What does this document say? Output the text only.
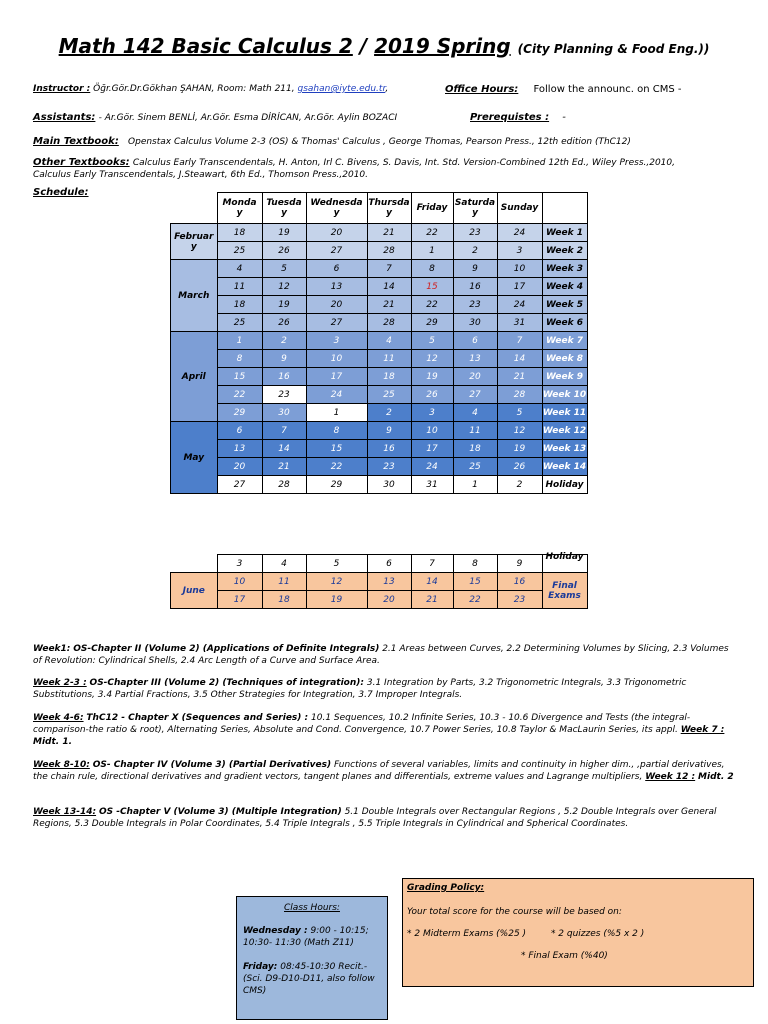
Math 142 Basic Calculus 2 / 2019 Spring (City Planning & Food Eng.))
Instructor : Öğr.Gör.Dr.Gökhan ŞAHAN, Room: Math 211, gsahan@iyte.edu.tr,	Office Hours: Follow the announc. on CMS -
Assistants: - Ar.Gör. Sinem BENLİ, Ar.Gör. Esma DİRİCAN, Ar.Gör. Aylin BOZACI	Prerequistes : -
Main Textbook: Openstax Calculus Volume 2-3 (OS) & Thomas' Calculus , George Thomas, Pearson Press., 12th edition (ThC12)
Other Textbooks: Calculus Early Transcendentals, H. Anton, Irl C. Bivens, S. Davis, Int. Std. Version-Combined 12th Ed., Wiley Press.,2010,
Calculus Early Transcendentals, J.Steawart, 6th Ed., Thomson Press.,2010.
Schedule:
	Monda
y	Tuesda
y	Wednesda
y	Thursda
y	Friday	Saturda
y	Sunday	
Februar
y	18	19	20	21	22	23	24	Week 1
	25	26	27	28	1	2	3	Week 2
March	4	5	6	7	8	9	10	Week 3
	11	12	13	14	15	16	17	Week 4
	18	19	20	21	22	23	24	Week 5
	25	26	27	28	29	30	31	Week 6
April	1	2	3	4	5	6	7	Week 7
	8	9	10	11	12	13	14	Week 8
	15	16	17	18	19	20	21	Week 9
	22	23	24	25	26	27	28	Week 10
	29	30	1	2	3	4	5	Week 11
May	6	7	8	9	10	11	12	Week 12
	13	14	15	16	17	18	19	Week 13
	20	21	22	23	24	25	26	Week 14
	27	28	29	30	31	1	2	Holiday
	3	4	5	6	7	8	9	Holiday
June	10	11	12	13	14	15	16	Final Exams
	17	18	19	20	21	22	23	
Week1: OS-Chapter II (Volume 2) (Applications of Definite Integrals) 2.1 Areas between Curves, 2.2 Determining Volumes by Slicing, 2.3 Volumes of Revolution: Cylindrical Shells, 2.4 Arc Length of a Curve and Surface Area.
Week 2-3 : OS-Chapter III (Volume 2) (Techniques of integration): 3.1 Integration by Parts, 3.2 Trigonometric Integrals, 3.3 Trigonometric Substitutions, 3.4 Partial Fractions, 3.5 Other Strategies for Integration, 3.7 Improper Integrals.
Week 4-6: ThC12 - Chapter X (Sequences and Series) : 10.1 Sequences, 10.2 Infinite Series, 10.3 - 10.6 Divergence and Tests (the integral-comparison-the ratio & root), Alternating Series, Absolute and Cond. Convergence, 10.7 Power Series, 10.8 Taylor & MacLaurin Series, its appl. Week 7 : Midt. 1.
Week 8-10: OS- Chapter IV (Volume 3) (Partial Derivatives) Functions of several variables, limits and continuity in higher dim., ,partial derivatives, the chain rule, directional derivatives and gradient vectors, tangent planes and differentials, extreme values and Lagrange multipliers, Week 12 : Midt. 2
Week 13-14: OS -Chapter V (Volume 3) (Multiple Integration) 5.1 Double Integrals over Rectangular Regions , 5.2 Double Integrals over General Regions, 5.3 Double Integrals in Polar Coordinates, 5.4 Triple Integrals , 5.5 Triple Integrals in Cylindrical and Spherical Coordinates.
Class Hours:
Wednesday : 9:00 - 10:15; 10:30- 11:30 (Math Z11)
Friday: 08:45-10:30 Recit.- (Sci. D9-D10-D11, also follow CMS)
Grading Policy:
Your total score for the course will be based on:
* 2 Midterm Exams (%25 )	* 2 quizzes (%5 x 2 )
* Final Exam (%40)
